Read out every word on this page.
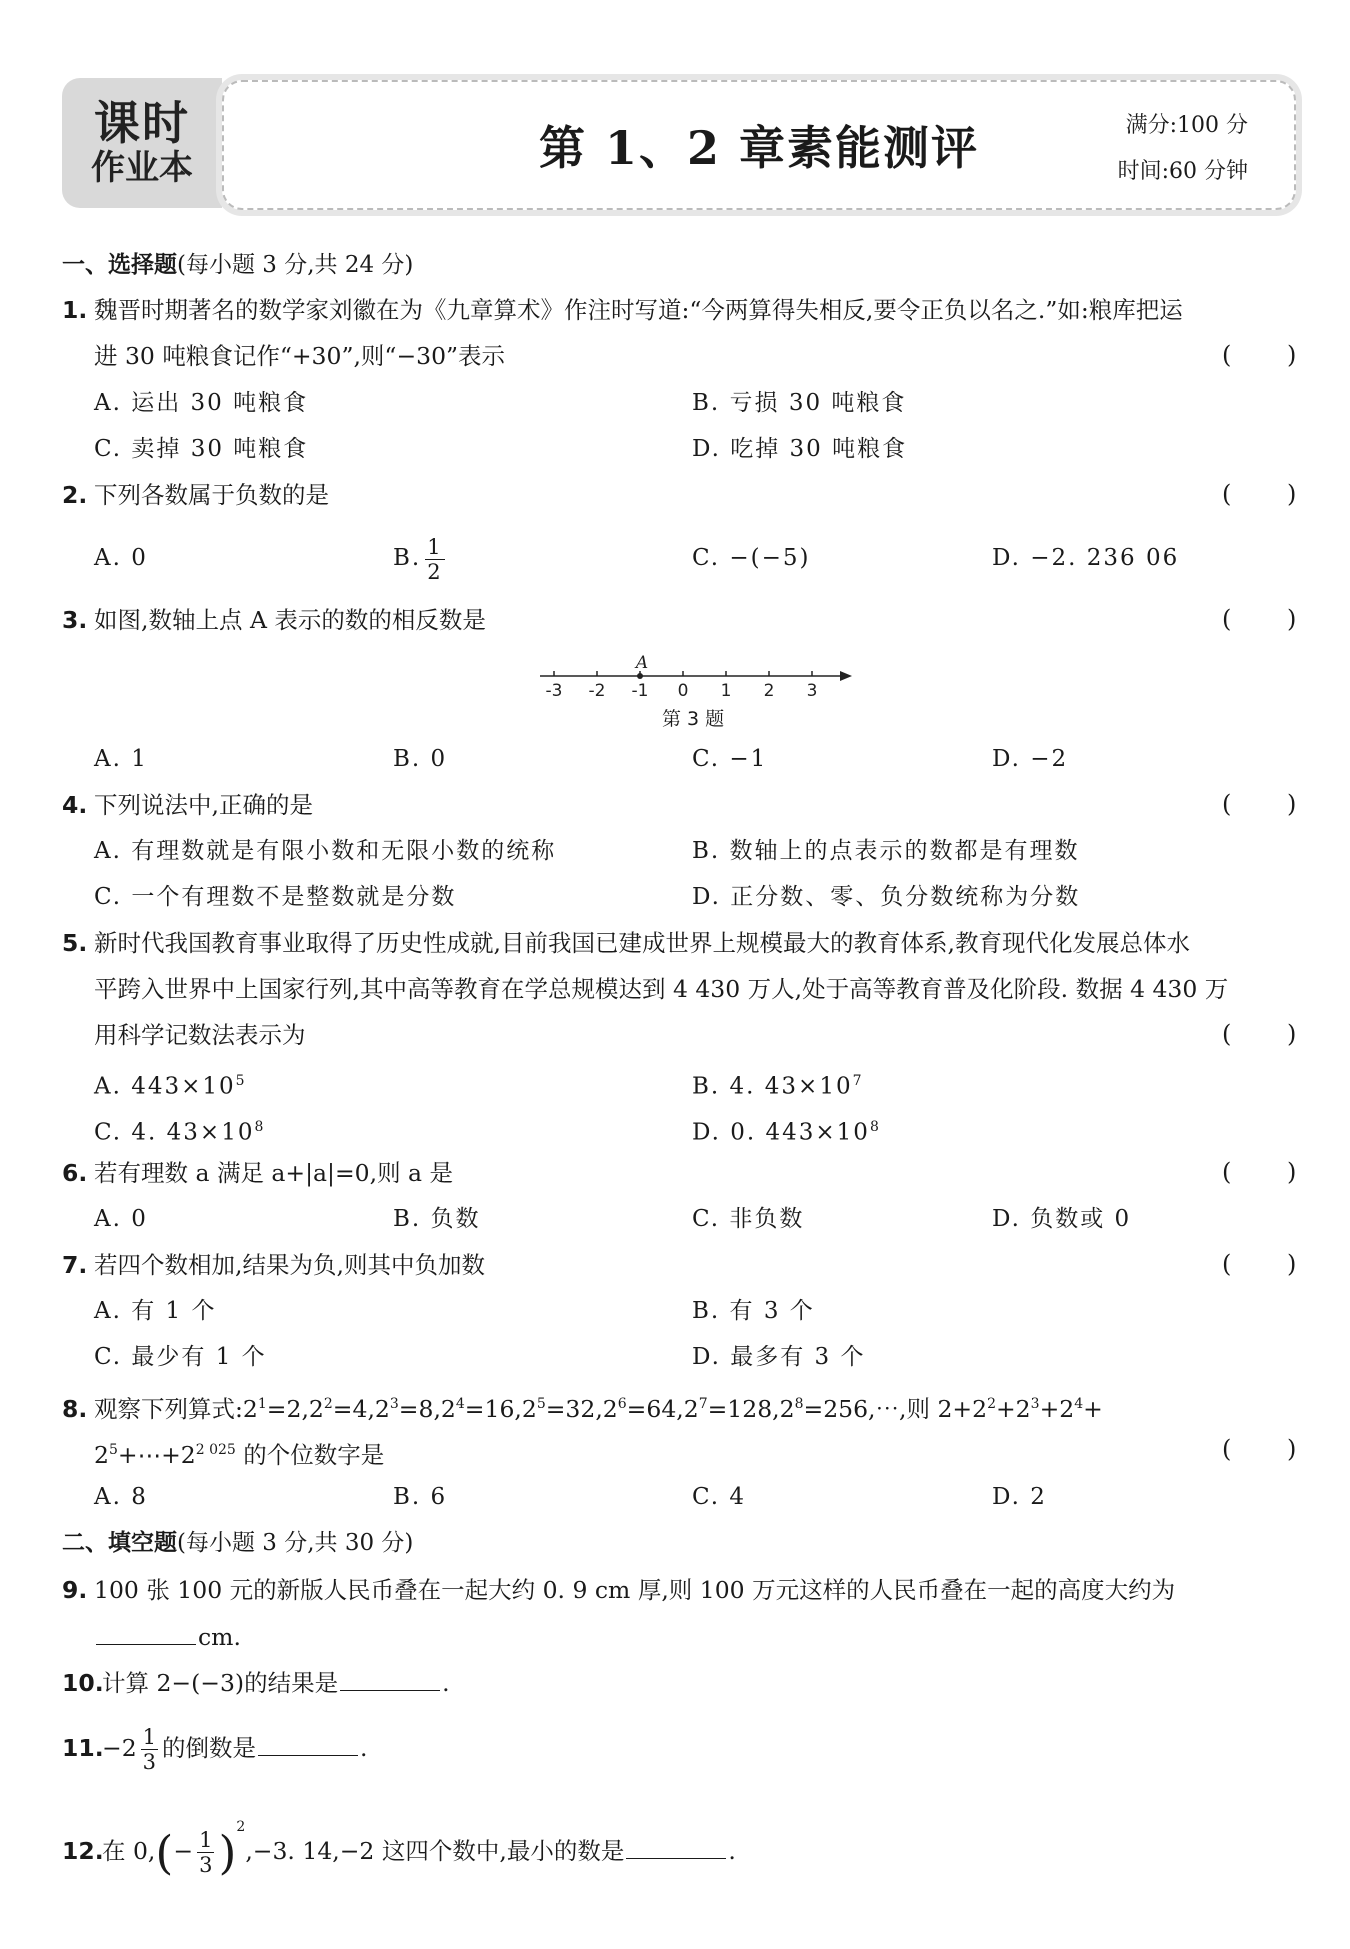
课时
作业本	第 1、2 章素能测评	满分:100 分
时间:60 分钟
一、选择题(每小题 3 分,共 24 分)
1. 魏晋时期著名的数学家刘徽在为《九章算术》作注时写道:“今两算得失相反,要令正负以名之.”如:粮库把运
进 30 吨粮食记作“+30”,则“−30”表示	( )
A. 运出 30 吨粮食	B. 亏损 30 吨粮食
C. 卖掉 30 吨粮食	D. 吃掉 30 吨粮食
2. 下列各数属于负数的是	( )
A. 0	B. $\frac{1}{2}$	C. −(−5)	D. −2. 236 06
3. 如图,数轴上点 A 表示的数的相反数是	( )
-3 -2 -1 0 1 2 3
A
第 3 题
A. 1	B. 0	C. −1	D. −2
4. 下列说法中,正确的是	( )
A. 有理数就是有限小数和无限小数的统称	B. 数轴上的点表示的数都是有理数
C. 一个有理数不是整数就是分数	D. 正分数、零、负分数统称为分数
5. 新时代我国教育事业取得了历史性成就,目前我国已建成世界上规模最大的教育体系,教育现代化发展总体水
平跨入世界中上国家行列,其中高等教育在学总规模达到 4 430 万人,处于高等教育普及化阶段. 数据 4 430 万
用科学记数法表示为	( )
A. $443\times 10^5$	B. 4. $43\times 10^7$
C. 4. $43\times 10^8$	D. 0. $443\times 10^8$
6. 若有理数 a 满足 a+|a|=0,则 a 是	( )
A. 0	B. 负数	C. 非负数	D. 负数或 0
7. 若四个数相加,结果为负,则其中负加数	( )
A. 有 1 个	B. 有 3 个
C. 最少有 1 个	D. 最多有 3 个
8. 观察下列算式$:2^1=2,2^2=4,2^3=8,2^4=16,2^5=32,2^6=64,2^7=128,2^8=256,\cdots$,则 $2+2^2+2^3+2^4+$
$2^5+\cdots+2^{2 025}$ 的个位数字是	( )
A. 8	B. 6	C. 4	D. 2
二、填空题(每小题 3 分,共 30 分)
9. 100 张 100 元的新版人民币叠在一起大约 0. 9 cm 厚,则 100 万元这样的人民币叠在一起的高度大约为
cm.
10.计算 2−(−3)的结果是	.
$11.-2 \frac{1}{3}$ 的倒数是	.
12.在 $0,(- \frac{1}{3} )^2,-3$. 14,−2 这四个数中,最小的数是	.
